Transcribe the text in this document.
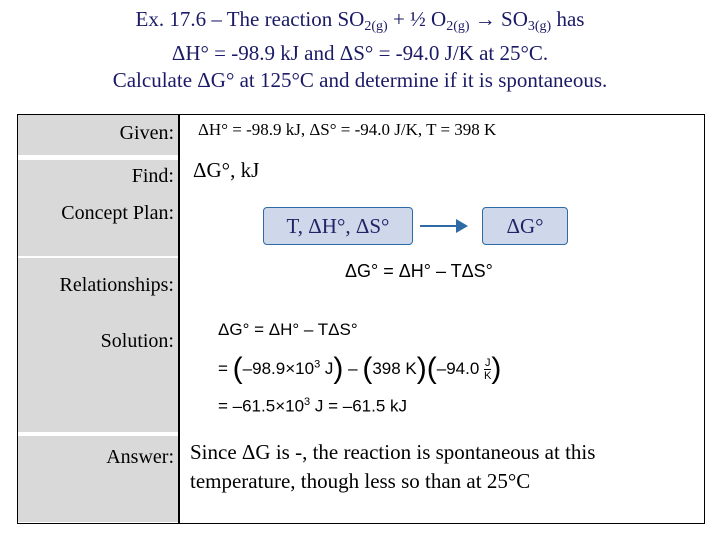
Ex. 17.6 – The reaction $SO_{2(g)}$ + ½ $O_{2(g)} \to SO_{3(g)}$ has
ΔH° = -98.9 kJ and ΔS° = -94.0 J/K at 25°C.
Calculate ΔG° at 125°C and determine if it is spontaneous.
Given:
Find:
Concept Plan:
Relationships:
Solution:
Answer:
ΔH° = -98.9 kJ, ΔS° = -94.0 J/K, T = 398 K
ΔG°, kJ
T, ΔH°, ΔS°	ΔG°
ΔG° = ΔH° – TΔS°
ΔG° = ΔH° – TΔS°
= ($-98.9\times 10^3$ J) – (398 $K)(-94.0 \frac{J}{K}$ )
= $-61.5\times 10^3$ J = –61.5 kJ
Since ΔG is -, the reaction is spontaneous at this temperature, though less so than at 25°C
